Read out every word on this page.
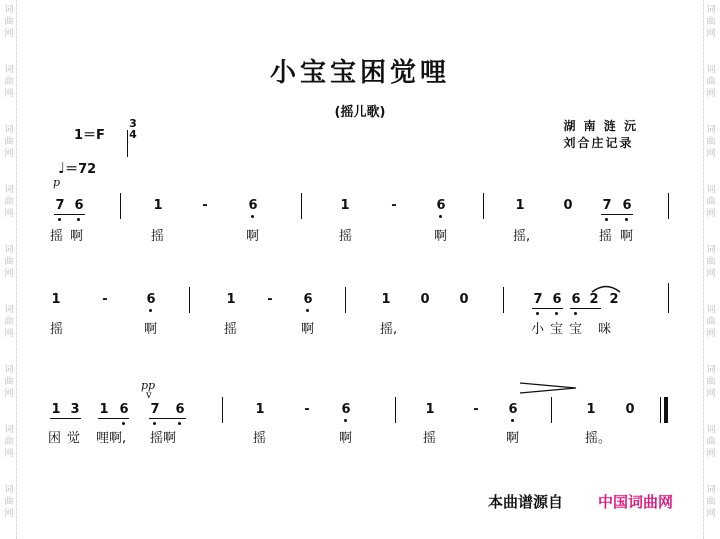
词
曲
网
词
曲
网
词
曲
网
词
曲
网
词
曲
网
词
曲
网
词
曲
网
词
曲
网
词
曲
网
词
曲
网
词
曲
网
词
曲
网
词
曲
网
词
曲
网
词
曲
网
词
曲
网
词
曲
网
词
曲
网
小宝宝困觉哩
(摇儿歌)
1＝F
3
4
湖 南 涟 沅
刘合庄记录
♩＝72
p
7 6	1	-	6	1	-	6	1	0 7 6
摇 啊	摇	啊	摇	啊	摇,	摇 啊
1	-	6	1 - 6	1 0 0	7 6 6 2 2
摇	啊	摇	啊	摇,	小 宝 宝 咪
pp
v
1 3 1 6 7 6	1	- 6	1	- 6	1 0
困 觉 哩啊, 摇啊	摇	啊	摇	啊	摇。
本曲谱源自 中国词曲网
